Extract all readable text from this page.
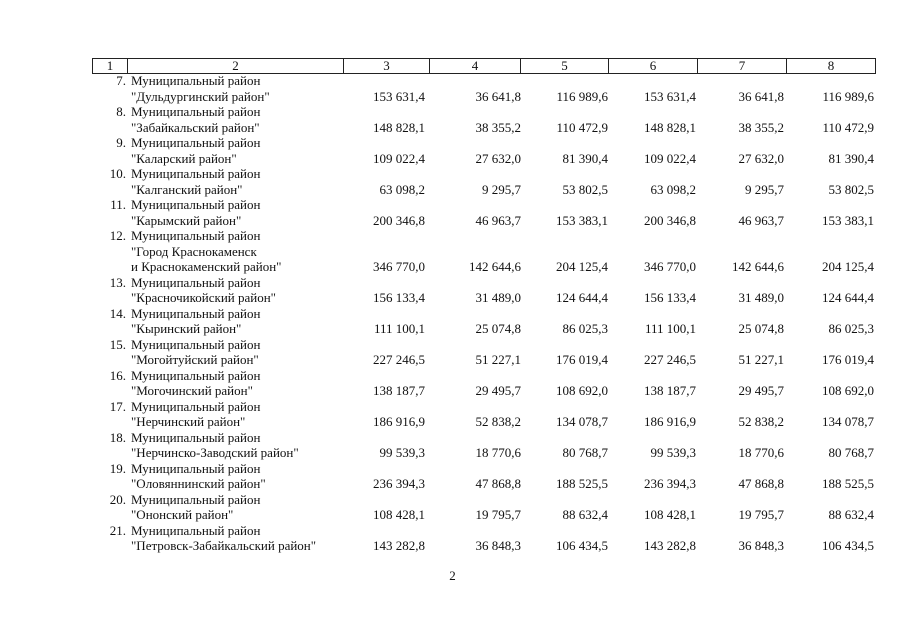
1	2	3	4	5	6	7	8
7. Муниципальный район
"Дульдургинский район"	153 631,4	36 641,8	116 989,6	153 631,4	36 641,8	116 989,6
8. Муниципальный район
"Забайкальский район"	148 828,1	38 355,2	110 472,9	148 828,1	38 355,2	110 472,9
9. Муниципальный район
"Каларский район"	109 022,4	27 632,0	81 390,4	109 022,4	27 632,0	81 390,4
10. Муниципальный район
"Калганский район"	63 098,2	9 295,7	53 802,5	63 098,2	9 295,7	53 802,5
11. Муниципальный район
"Карымский район"	200 346,8	46 963,7	153 383,1	200 346,8	46 963,7	153 383,1
12. Муниципальный район
"Город Краснокаменск
и Краснокаменский район"	346 770,0	142 644,6	204 125,4	346 770,0	142 644,6	204 125,4
13. Муниципальный район
"Красночикойский район"	156 133,4	31 489,0	124 644,4	156 133,4	31 489,0	124 644,4
14. Муниципальный район
"Кыринский район"	111 100,1	25 074,8	86 025,3	111 100,1	25 074,8	86 025,3
15. Муниципальный район
"Могойтуйский район"	227 246,5	51 227,1	176 019,4	227 246,5	51 227,1	176 019,4
16. Муниципальный район
"Могочинский район"	138 187,7	29 495,7	108 692,0	138 187,7	29 495,7	108 692,0
17. Муниципальный район
"Нерчинский район"	186 916,9	52 838,2	134 078,7	186 916,9	52 838,2	134 078,7
18. Муниципальный район
"Нерчинско-Заводский район"	99 539,3	18 770,6	80 768,7	99 539,3	18 770,6	80 768,7
19. Муниципальный район
"Оловяннинский район"	236 394,3	47 868,8	188 525,5	236 394,3	47 868,8	188 525,5
20. Муниципальный район
"Ононский район"	108 428,1	19 795,7	88 632,4	108 428,1	19 795,7	88 632,4
21. Муниципальный район
"Петровск-Забайкальский район"	143 282,8	36 848,3	106 434,5	143 282,8	36 848,3	106 434,5
2
